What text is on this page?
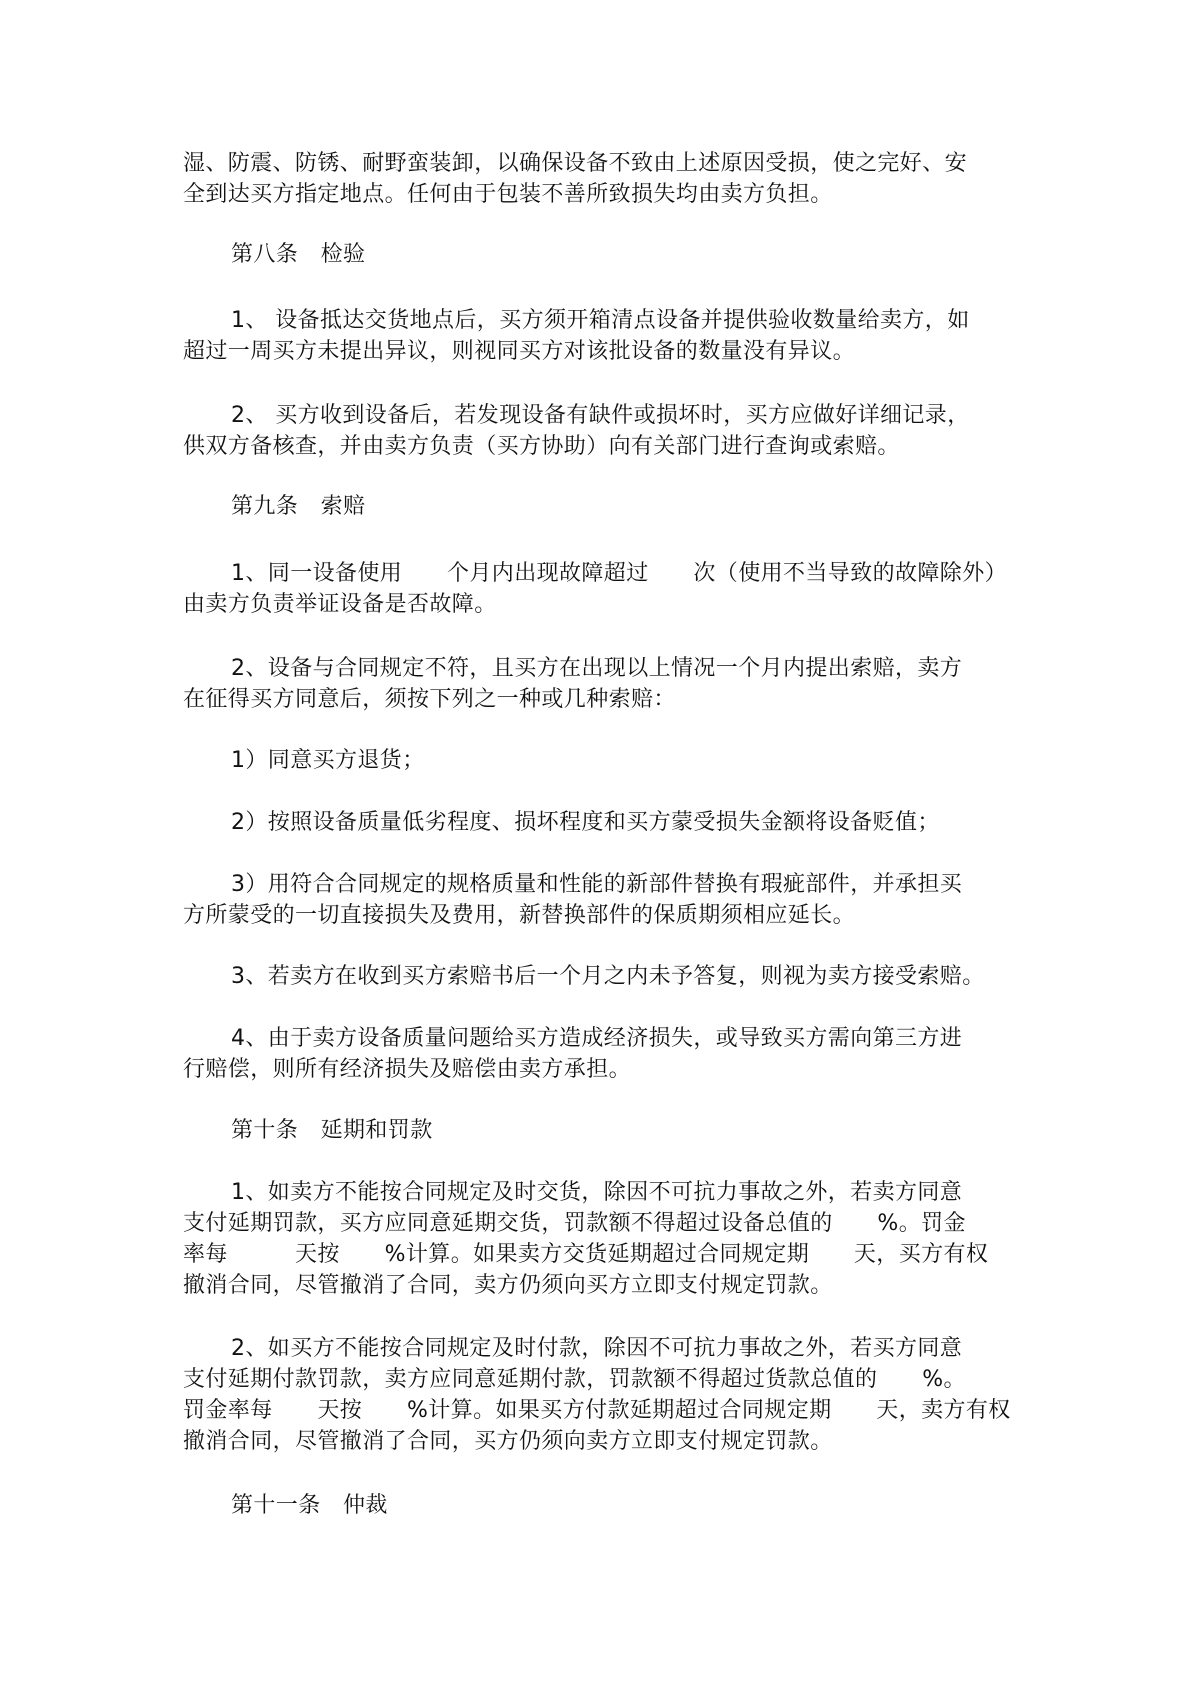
湿、防震、防锈、耐野蛮装卸，以确保设备不致由上述原因受损，使之完好、安
全到达买方指定地点。任何由于包装不善所致损失均由卖方负担。

第八条　检验

1、 设备抵达交货地点后，买方须开箱清点设备并提供验收数量给卖方，如
超过一周买方未提出异议，则视同买方对该批设备的数量没有异议。

2、 买方收到设备后，若发现设备有缺件或损坏时，买方应做好详细记录，
供双方备核查，并由卖方负责（买方协助）向有关部门进行查询或索赔。

第九条　索赔

1、同一设备使用　　个月内出现故障超过　　次（使用不当导致的故障除外）
由卖方负责举证设备是否故障。

2、设备与合同规定不符，且买方在出现以上情况一个月内提出索赔，卖方
在征得买方同意后，须按下列之一种或几种索赔：

1）同意买方退货；

2）按照设备质量低劣程度、损坏程度和买方蒙受损失金额将设备贬值；

3）用符合合同规定的规格质量和性能的新部件替换有瑕疵部件，并承担买
方所蒙受的一切直接损失及费用，新替换部件的保质期须相应延长。

3、若卖方在收到买方索赔书后一个月之内未予答复，则视为卖方接受索赔。

4、由于卖方设备质量问题给买方造成经济损失，或导致买方需向第三方进
行赔偿，则所有经济损失及赔偿由卖方承担。

第十条　延期和罚款

1、如卖方不能按合同规定及时交货，除因不可抗力事故之外，若卖方同意
支付延期罚款，买方应同意延期交货，罚款额不得超过设备总值的　　%。罚金
率每　　　天按　　%计算。如果卖方交货延期超过合同规定期　　天，买方有权
撤消合同，尽管撤消了合同，卖方仍须向买方立即支付规定罚款。

2、如买方不能按合同规定及时付款，除因不可抗力事故之外，若买方同意
支付延期付款罚款，卖方应同意延期付款，罚款额不得超过货款总值的　　%。
罚金率每　　天按　　%计算。如果买方付款延期超过合同规定期　　天，卖方有权
撤消合同，尽管撤消了合同，买方仍须向卖方立即支付规定罚款。

第十一条　仲裁
